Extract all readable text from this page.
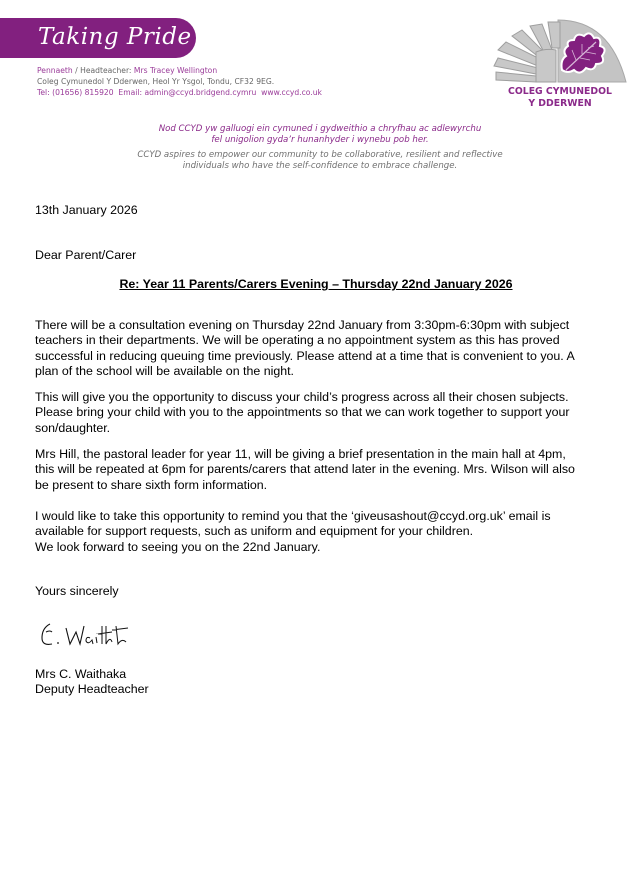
Taking Pride
Pennaeth / Headteacher: Mrs Tracey Wellington
Coleg Cymunedol Y Dderwen, Heol Yr Ysgol, Tondu, CF32 9EG.
Tel: (01656) 815920 Email: admin@ccyd.bridgend.cymru www.ccyd.co.uk	COLEG CYMUNEDOL
Y DDERWEN
Nod CCYD yw galluogi ein cymuned i gydweithio a chryfhau ac adlewyrchu
fel unigolion gyda’r hunanhyder i wynebu pob her.
CCYD aspires to empower our community to be collaborative, resilient and reflective
individuals who have the self-confidence to embrace challenge.
13th January 2026
Dear Parent/Carer
Re: Year 11 Parents/Carers Evening – Thursday 22nd January 2026
There will be a consultation evening on Thursday 22nd January from 3:30pm-6:30pm with subject
teachers in their departments. We will be operating a no appointment system as this has proved
successful in reducing queuing time previously. Please attend at a time that is convenient to you. A
plan of the school will be available on the night.
This will give you the opportunity to discuss your child’s progress across all their chosen subjects.
Please bring your child with you to the appointments so that we can work together to support your
son/daughter.
Mrs Hill, the pastoral leader for year 11, will be giving a brief presentation in the main hall at 4pm,
this will be repeated at 6pm for parents/carers that attend later in the evening. Mrs. Wilson will also
be present to share sixth form information.
I would like to take this opportunity to remind you that the ‘giveusashout@ccyd.org.uk’ email is
available for support requests, such as uniform and equipment for your children.
We look forward to seeing you on the 22nd January.
Yours sincerely
Mrs C. Waithaka
Deputy Headteacher
